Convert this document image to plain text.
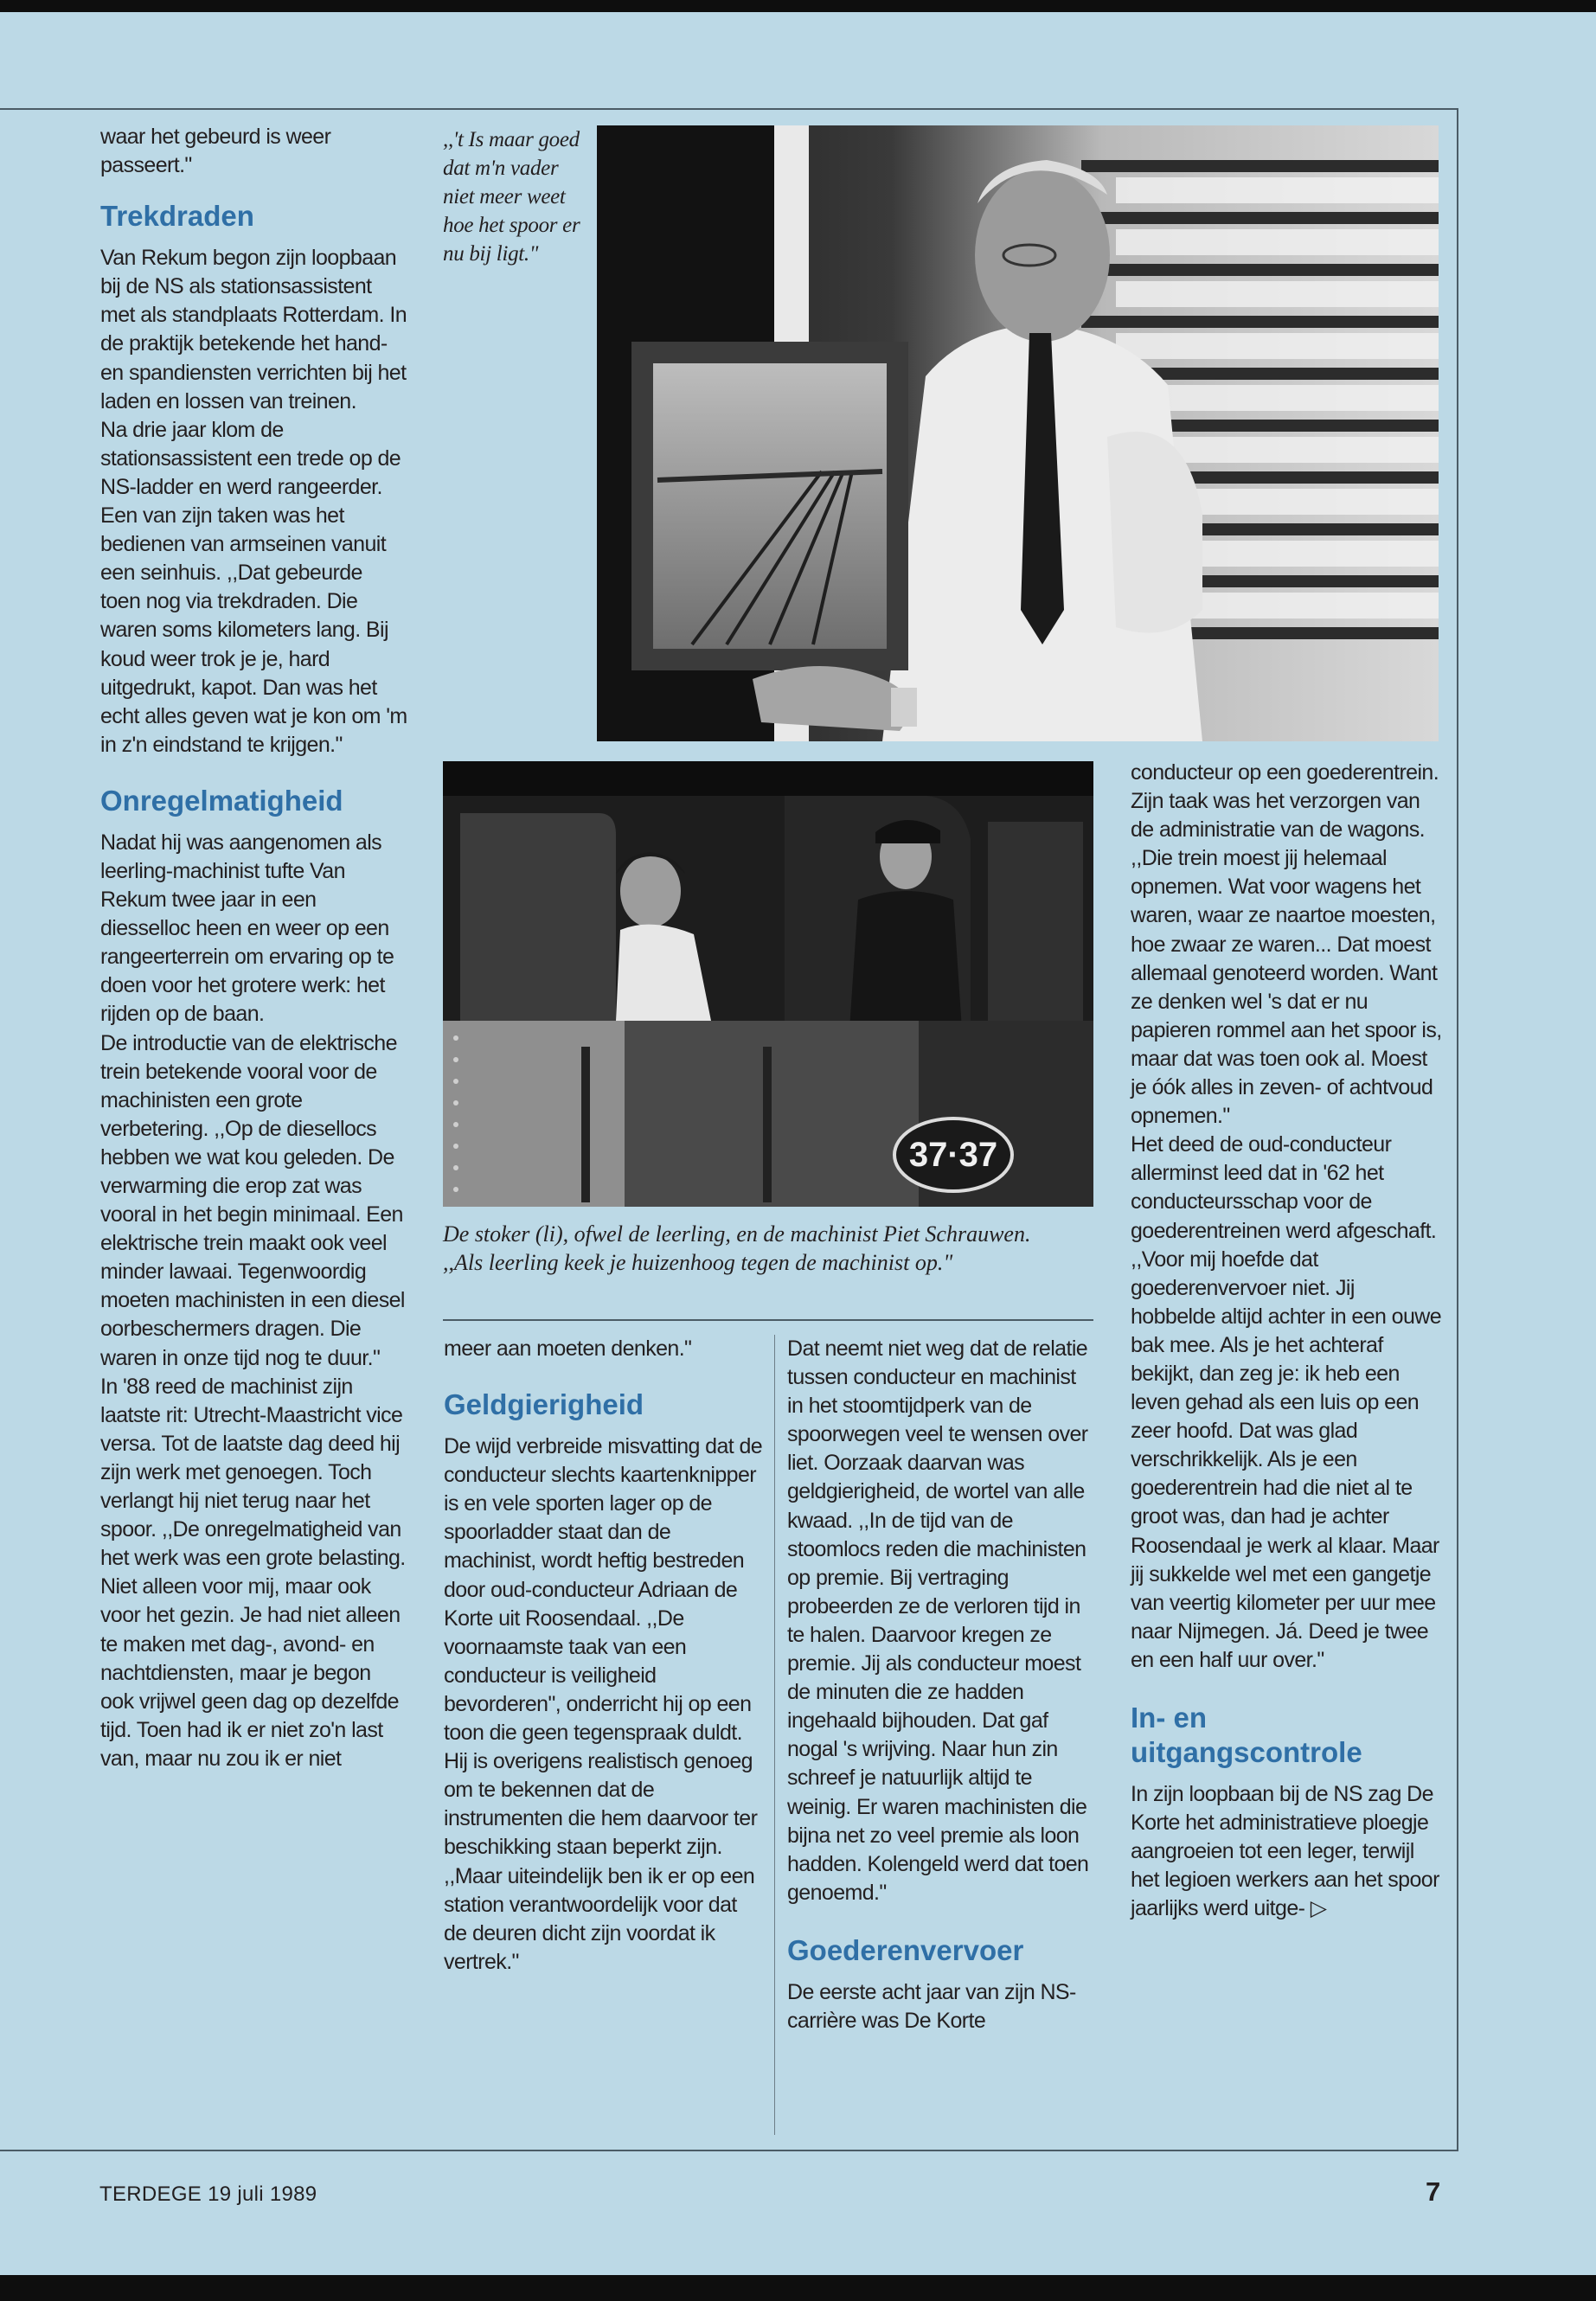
waar het gebeurd is weer passeert."

Trekdraden

Van Rekum begon zijn loopbaan bij de NS als stationsassistent met als standplaats Rotterdam. In de praktijk betekende het hand- en spandiensten verrichten bij het laden en lossen van treinen.

Na drie jaar klom de stationsassistent een trede op de NS-ladder en werd rangeerder. Een van zijn taken was het bedienen van armseinen vanuit een seinhuis. ,,Dat gebeurde toen nog via trekdraden. Die waren soms kilometers lang. Bij koud weer trok je je, hard uitgedrukt, kapot. Dan was het echt alles geven wat je kon om 'm in z'n eindstand te krijgen."

Onregelmatigheid

Nadat hij was aangenomen als leerling-machinist tufte Van Rekum twee jaar in een diesselloc heen en weer op een rangeerterrein om ervaring op te doen voor het grotere werk: het rijden op de baan.

De introductie van de elektrische trein betekende vooral voor de machinisten een grote verbetering. ,,Op de diesellocs hebben we wat kou geleden. De verwarming die erop zat was vooral in het begin minimaal. Een elektrische trein maakt ook veel minder lawaai. Tegenwoordig moeten machinisten in een diesel oorbeschermers dragen. Die waren in onze tijd nog te duur."

In '88 reed de machinist zijn laatste rit: Utrecht-Maastricht vice versa. Tot de laatste dag deed hij zijn werk met genoegen. Toch verlangt hij niet terug naar het spoor. ,,De onregelmatigheid van het werk was een grote belasting. Niet alleen voor mij, maar ook voor het gezin. Je had niet alleen te maken met dag-, avond- en nachtdiensten, maar je begon ook vrijwel geen dag op dezelfde tijd. Toen had ik er niet zo'n last van, maar nu zou ik er niet

,,'t Is maar goed dat m'n vader niet meer weet hoe het spoor er nu bij ligt."
37·37
De stoker (li), ofwel de leerling, en de machinist Piet Schrauwen. ,,Als leerling keek je huizenhoog tegen de machinist op."

meer aan moeten denken."

Geldgierigheid

De wijd verbreide misvatting dat de conducteur slechts kaartenknipper is en vele sporten lager op de spoorladder staat dan de machinist, wordt heftig bestreden door oud-conducteur Adriaan de Korte uit Roosendaal. ,,De voornaamste taak van een conducteur is veiligheid bevorderen", onderricht hij op een toon die geen tegenspraak duldt. Hij is overigens realistisch genoeg om te bekennen dat de instrumenten die hem daarvoor ter beschikking staan beperkt zijn. ,,Maar uiteindelijk ben ik er op een station verantwoordelijk voor dat de deuren dicht zijn voordat ik vertrek."

Dat neemt niet weg dat de relatie tussen conducteur en machinist in het stoomtijdperk van de spoorwegen veel te wensen over liet. Oorzaak daarvan was geldgierigheid, de wortel van alle kwaad. ,,In de tijd van de stoomlocs reden die machinisten op premie. Bij vertraging probeerden ze de verloren tijd in te halen. Daarvoor kregen ze premie. Jij als conducteur moest de minuten die ze hadden ingehaald bijhouden. Dat gaf nogal 's wrijving. Naar hun zin schreef je natuurlijk altijd te weinig. Er waren machinisten die bijna net zo veel premie als loon hadden. Kolengeld werd dat toen genoemd."

Goederenvervoer

De eerste acht jaar van zijn NS-carrière was De Korte

conducteur op een goederentrein. Zijn taak was het verzorgen van de administratie van de wagons. ,,Die trein moest jij helemaal opnemen. Wat voor wagens het waren, waar ze naartoe moesten, hoe zwaar ze waren... Dat moest allemaal genoteerd worden. Want ze denken wel 's dat er nu papieren rommel aan het spoor is, maar dat was toen ook al. Moest je óók alles in zeven- of achtvoud opnemen."

Het deed de oud-conducteur allerminst leed dat in '62 het conducteursschap voor de goederentreinen werd afgeschaft. ,,Voor mij hoefde dat goederenvervoer niet. Jij hobbelde altijd achter in een ouwe bak mee. Als je het achteraf bekijkt, dan zeg je: ik heb een leven gehad als een luis op een zeer hoofd. Dat was glad verschrikkelijk. Als je een goederentrein had die niet al te groot was, dan had je achter Roosendaal je werk al klaar. Maar jij sukkelde wel met een gangetje van veertig kilometer per uur mee naar Nijmegen. Já. Deed je twee en een half uur over."

In- en uitgangscontrole

In zijn loopbaan bij de NS zag De Korte het administratieve ploegje aangroeien tot een leger, terwijl het legioen werkers aan het spoor jaarlijks werd uitge- ▷

TERDEGE 19 juli 1989	7
